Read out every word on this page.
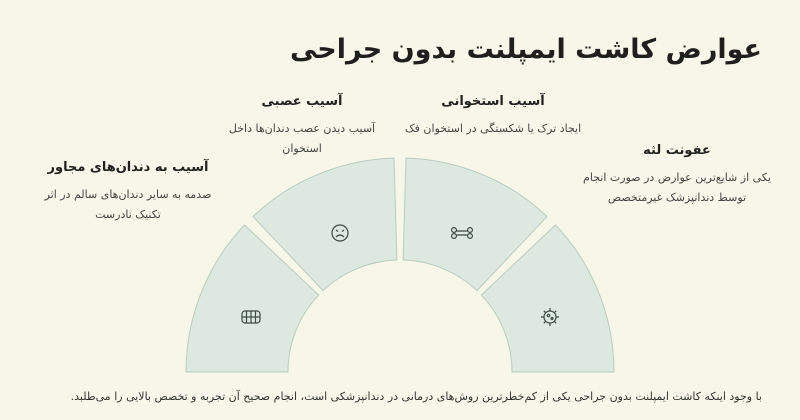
عوارض کاشت ایمپلنت بدون جراحی
آسیب عصبی
آسیب دیدن عصب دندان‌ها داخل استخوان
آسیب استخوانی
ایجاد ترک یا شکستگی در استخوان فک
عفونت لثه
یکی از شایع‌ترین عوارض در صورت انجام توسط دندانپزشک غیرمتخصص
آسیب به دندان‌های مجاور
صدمه به سایر دندان‌های سالم در اثر تکنیک نادرست
با وجود اینکه کاشت ایمپلنت بدون جراحی یکی از کم‌خطرترین روش‌های درمانی در دندانپزشکی است، انجام صحیح آن تجربه و تخصص بالایی را می‌طلبد.
